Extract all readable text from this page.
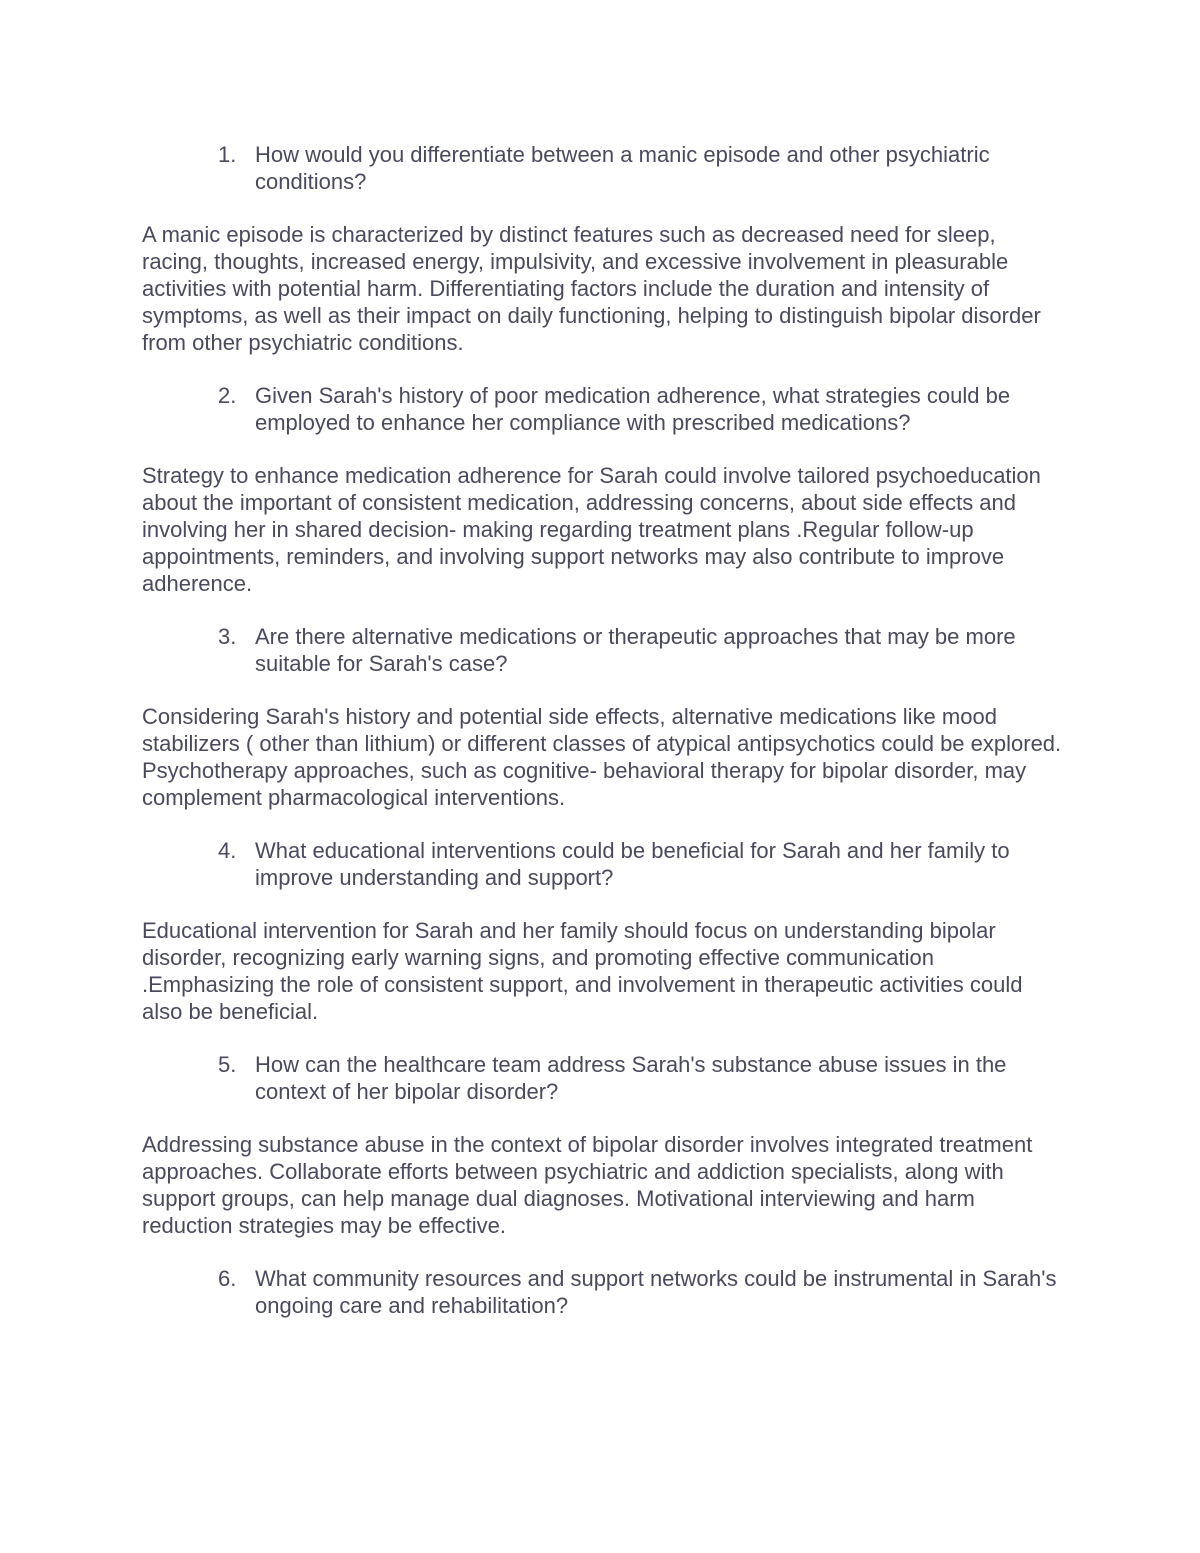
1. How would you differentiate between a manic episode and other psychiatric conditions?

A manic episode is characterized by distinct features such as decreased need for sleep, racing, thoughts, increased energy, impulsivity, and excessive involvement in pleasurable activities with potential harm. Differentiating factors include the duration and intensity of symptoms, as well as their impact on daily functioning, helping to distinguish bipolar disorder from other psychiatric conditions.

2. Given Sarah's history of poor medication adherence, what strategies could be employed to enhance her compliance with prescribed medications?

Strategy to enhance medication adherence for Sarah could involve tailored psychoeducation about the important of consistent medication, addressing concerns, about side effects and involving her in shared decision- making regarding treatment plans .Regular follow-up appointments, reminders, and involving support networks may also contribute to improve adherence.

3. Are there alternative medications or therapeutic approaches that may be more suitable for Sarah's case?

Considering Sarah's history and potential side effects, alternative medications like mood stabilizers ( other than lithium) or different classes of atypical antipsychotics could be explored. Psychotherapy approaches, such as cognitive- behavioral therapy for bipolar disorder, may complement pharmacological interventions.

4. What educational interventions could be beneficial for Sarah and her family to improve understanding and support?

Educational intervention for Sarah and her family should focus on understanding bipolar disorder, recognizing early warning signs, and promoting effective communication .Emphasizing the role of consistent support, and involvement in therapeutic activities could also be beneficial.

5. How can the healthcare team address Sarah's substance abuse issues in the context of her bipolar disorder?

Addressing substance abuse in the context of bipolar disorder involves integrated treatment approaches. Collaborate efforts between psychiatric and addiction specialists, along with support groups, can help manage dual diagnoses. Motivational interviewing and harm reduction strategies may be effective.

6. What community resources and support networks could be instrumental in Sarah's ongoing care and rehabilitation?
